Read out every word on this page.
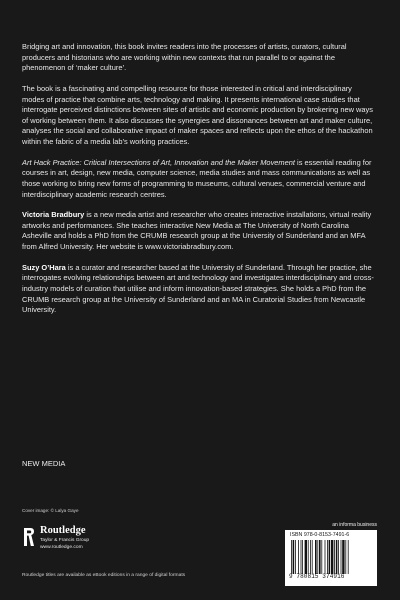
Bridging art and innovation, this book invites readers into the processes of artists, curators, cultural producers and historians who are working within new contexts that run parallel to or against the phenomenon of ‘maker culture’.

The book is a fascinating and compelling resource for those interested in critical and interdisciplinary modes of practice that combine arts, technology and making. It presents international case studies that interrogate perceived distinctions between sites of artistic and economic production by brokering new ways of working between them. It also discusses the synergies and dissonances between art and maker culture, analyses the social and collaborative impact of maker spaces and reflects upon the ethos of the hackathon within the fabric of a media lab’s working practices.

Art Hack Practice: Critical Intersections of Art, Innovation and the Maker Movement is essential reading for courses in art, design, new media, computer science, media studies and mass communications as well as those working to bring new forms of programming to museums, cultural venues, commercial venture and interdisciplinary academic research centres.

Victoria Bradbury is a new media artist and researcher who creates interactive installations, virtual reality artworks and performances. She teaches interactive New Media at The University of North Carolina Asheville and holds a PhD from the CRUMB research group at the University of Sunderland and an MFA from Alfred University. Her website is www.victoriabradbury.com.

Suzy O’Hara is a curator and researcher based at the University of Sunderland. Through her practice, she interrogates evolving relationships between art and technology and investigates interdisciplinary and cross-industry models of curation that utilise and inform innovation-based strategies. She holds a PhD from the CRUMB research group at the University of Sunderland and an MA in Curatorial Studies from Newcastle University.

NEW MEDIA
Cover image: © Lalya Gaye
Routledge
Taylor & Francis Group
www.routledge.com
an informa business
ISBN 978-0-8153-7491-6
9 780815 374916
Routledge titles are available as eBook editions in a range of digital formats
